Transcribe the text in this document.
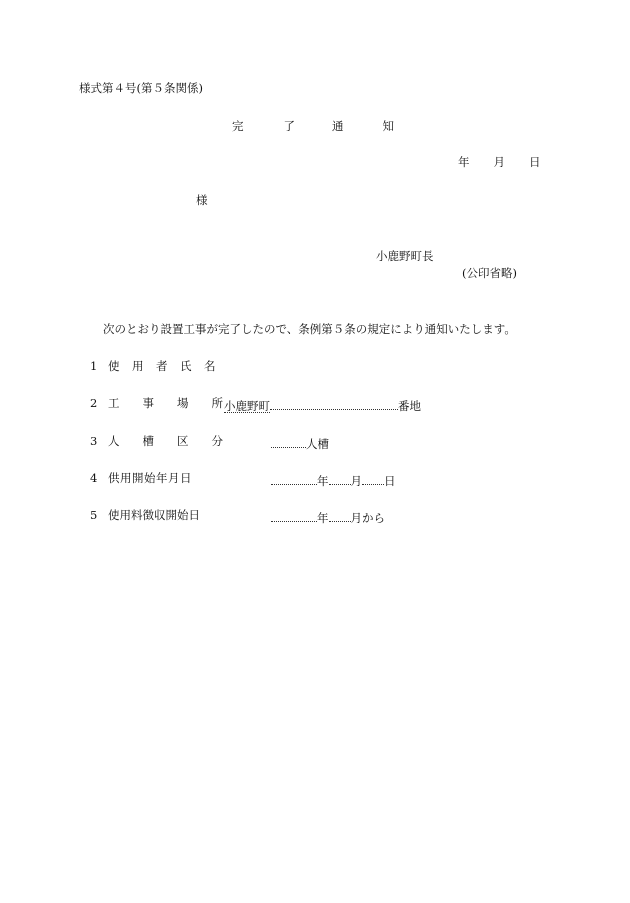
様式第４号(第５条関係)
完	了	通	知
年 月 日
様
小鹿野町長
(公印省略)
次のとおり設置工事が完了したので、条例第５条の規定により通知いたします。
1 使 用 者 氏 名
2 工 事 場 所 小鹿野町	番地
3 人 槽 区 分	人槽
4 供用開始年月日	年 月 日
5 使用料徴収開始日	年 月から
